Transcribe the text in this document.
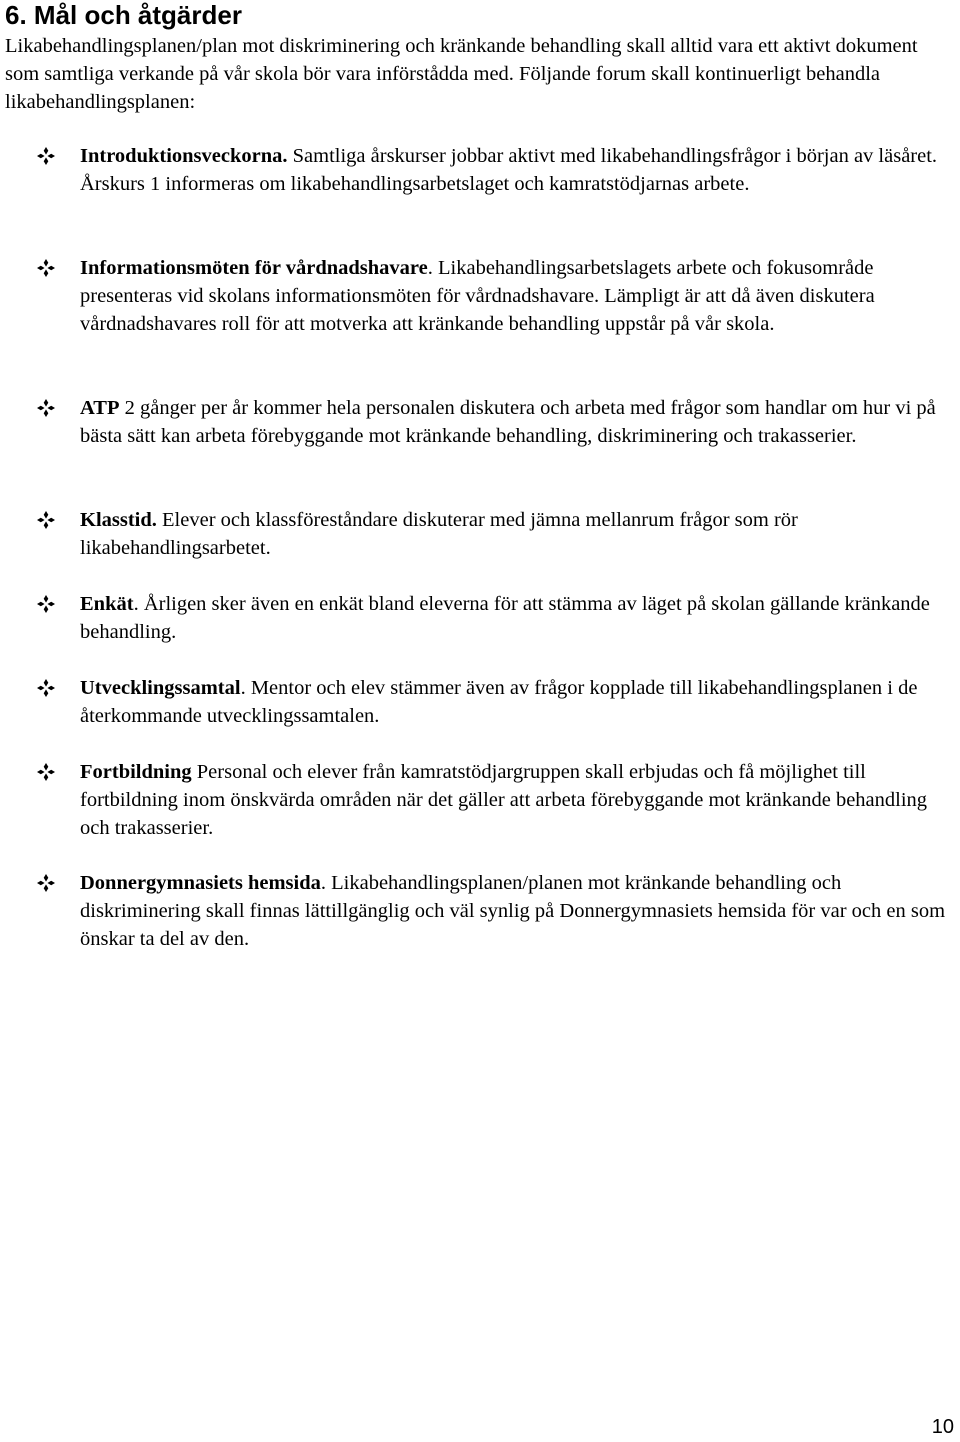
6. Mål och åtgärder

Likabehandlingsplanen/plan mot diskriminering och kränkande behandling skall alltid vara ett aktivt dokument som samtliga verkande på vår skola bör vara införstådda med. Följande forum skall kontinuerligt behandla likabehandlingsplanen:

Introduktionsveckorna. Samtliga årskurser jobbar aktivt med likabehandlingsfrågor i början av läsåret. Årskurs 1 informeras om likabehandlingsarbetslaget och kamratstödjarnas arbete.

Informationsmöten för vårdnadshavare. Likabehandlingsarbetslagets arbete och fokusområde presenteras vid skolans informationsmöten för vårdnadshavare. Lämpligt är att då även diskutera vårdnadshavares roll för att motverka att kränkande behandling uppstår på vår skola.

ATP 2 gånger per år kommer hela personalen diskutera och arbeta med frågor som handlar om hur vi på bästa sätt kan arbeta förebyggande mot kränkande behandling, diskriminering och trakasserier.

Klasstid. Elever och klassföreståndare diskuterar med jämna mellanrum frågor som rör likabehandlingsarbetet.

Enkät. Årligen sker även en enkät bland eleverna för att stämma av läget på skolan gällande kränkande behandling.

Utvecklingssamtal. Mentor och elev stämmer även av frågor kopplade till likabehandlingsplanen i de återkommande utvecklingssamtalen.

Fortbildning Personal och elever från kamratstödjargruppen skall erbjudas och få möjlighet till fortbildning inom önskvärda områden när det gäller att arbeta förebyggande mot kränkande behandling och trakasserier.

Donnergymnasiets hemsida. Likabehandlingsplanen/planen mot kränkande behandling och diskriminering skall finnas lättillgänglig och väl synlig på Donnergymnasiets hemsida för var och en som önskar ta del av den.

10
